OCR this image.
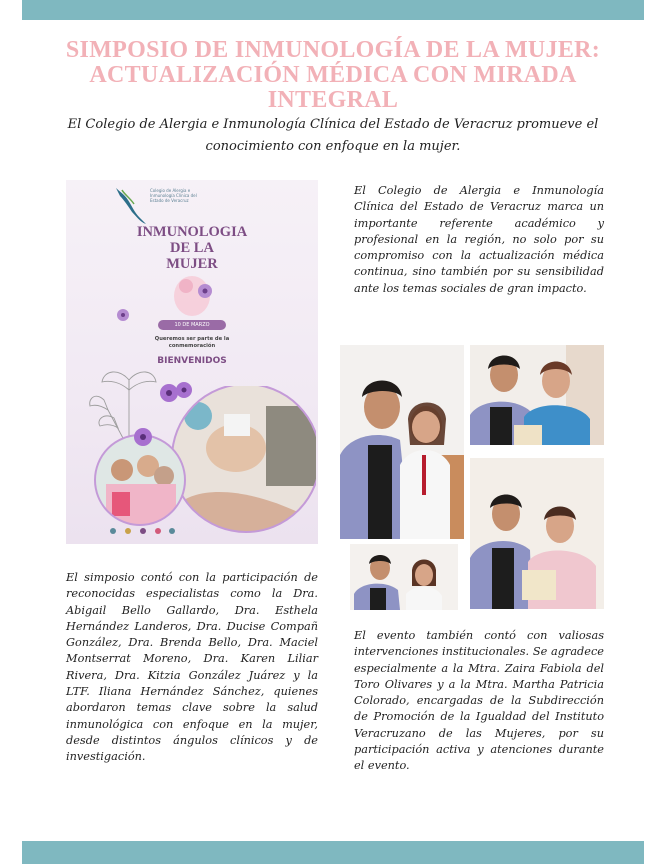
SIMPOSIO DE INMUNOLOGÍA DE LA MUJER: ACTUALIZACIÓN MÉDICA CON MIRADA INTEGRAL

El Colegio de Alergia e Inmunología Clínica del Estado de Veracruz promueve el conocimiento con enfoque en la mujer.

Colegio de Alergia e Inmunología Clínica del Estado de Veracruz
INMUNOLOGIA
DE LA
MUJER
10 DE MARZO
Queremos ser parte de la conmemoración
BIENVENIDOS

El Colegio de Alergia e Inmunología Clínica del Estado de Veracruz marca un importante referente académico y profesional en la región, no solo por su compromiso con la actualización médica continua, sino también por su sensibilidad ante los temas sociales de gran impacto.

El simposio contó con la participación de reconocidas especialistas como la Dra. Abigail Bello Gallardo, Dra. Esthela Hernández Landeros, Dra. Ducise Compañ González, Dra. Brenda Bello, Dra. Maciel Montserrat Moreno, Dra. Karen Liliar Rivera, Dra. Kitzia González Juárez y la LTF. Iliana Hernández Sánchez, quienes abordaron temas clave sobre la salud inmunológica con enfoque en la mujer, desde distintos ángulos clínicos y de investigación.

El evento también contó con valiosas intervenciones institucionales. Se agradece especialmente a la Mtra. Zaira Fabiola del Toro Olivares y a la Mtra. Martha Patricia Colorado, encargadas de la Subdirección de Promoción de la Igualdad del Instituto Veracruzano de las Mujeres, por su participación activa y atenciones durante el evento.
